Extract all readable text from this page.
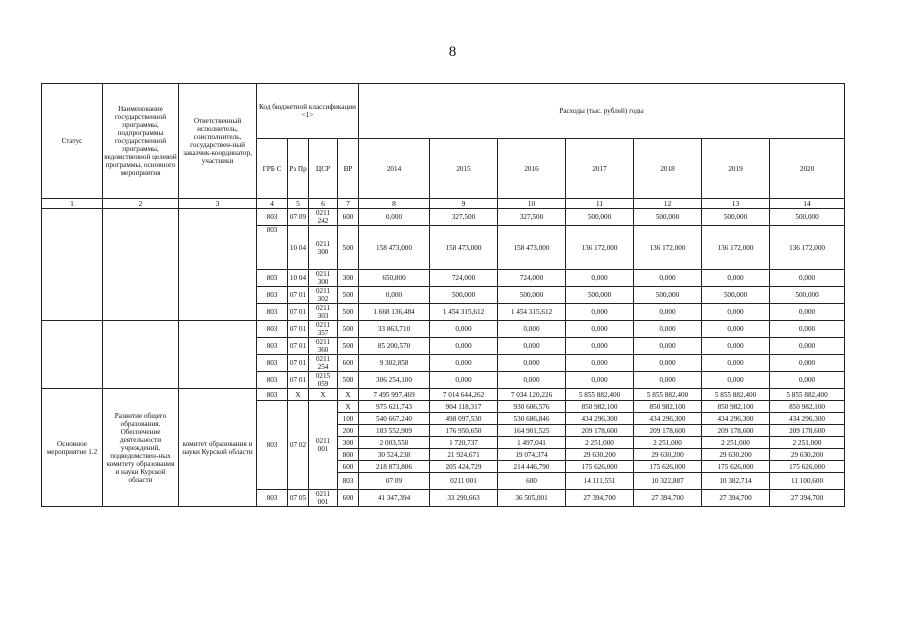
8
Статус	Наименование государственной программы, подпрограммы государственной программы, ведомственной целевой программы, основного мероприятия	Ответственный исполнитель, соисполнитель, государствен-ный заказчик-координатор, участники	Код бюджетной классификации <1>				Расходы (тыс. рублей) годы							
			ГРБ С	Рз Пр	ЦСР	ВР	2014	2015	2016	2017	2018	2019	2020	
1	2	3	4	5	6	7	8	9	10	11	12	13	14	
			803	07 09	0211 242	600	0,000	327,500	327,500	500,000	500,000	500,000	500,000	
			803	10 04	0211 300	500	158 473,000	158 473,000	158 473,000	136 172,000	136 172,000	136 172,000	136 172,000	
			803	10 04	0211 300	300	650,800	724,000	724,000	0,000	0,000	0,000	0,000	
			803	07 01	0211 302	500	0,000	500,000	500,000	500,000	500,000	500,000	500,000	
			803	07 01	0211 303	500	1 668 136,484	1 454 315,612	1 454 315,612	0,000	0,000	0,000	0,000	
			803	07 01	0211 357	500	33 863,710	0,000	0,000	0,000	0,000	0,000	0,000	
			803	07 01	0211 360	500	85 200,570	0,000	0,000	0,000	0,000	0,000	0,000	
			803	07 01	0211 254	600	9 302,858	0,000	0,000	0,000	0,000	0,000	0,000	
			803	07 01	0215 059	500	306 254,100	0,000	0,000	0,000	0,000	0,000	0,000	
Основное мероприятие 1.2	Развитие общего образования. Обеспечение деятельности учреждений, подведомствен-ных комитету образования и науки Курской области	комитет образования и науки Курской области	803	X	X	X	7 495 997,469	7 014 644,262	7 034 120,226	5 855 882,400	5 855 882,400	5 855 882,400	5 855 882,400	
			803	07 02	0211 001	X	975 621,743	904 118,317	930 606,576	850 982,100	850 982,100	850 982,100	850 982,100	
						100	540 667,240	498 097,530	530 686,846	434 296,300	434 296,300	434 296,300	434 296,300	
						200	183 552,909	176 950,650	164 901,525	209 178,600	209 178,600	209 178,600	209 178,600	
						300	2 003,550	1 720,737	1 497,041	2 251,000	2 251,000	2 251,000	2 251,000	
						800	30 524,238	21 924,671	19 074,374	29 630,200	29 630,200	29 630,200	29 630,200	
						600	218 873,806	205 424,729	214 446,790	175 626,000	175 626,000	175 626,000	175 626,000	
						803	07 09	0211 001	600	14 111,551	10 322,887	10 382,714	11 100,600			
			803	07 05	0211 001	600	41 347,394	33 290,663	36 505,001	27 394,700	27 394,700	27 394,700	27 394,700	
